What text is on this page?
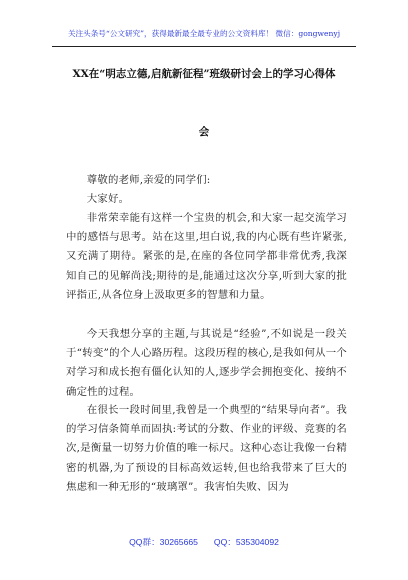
关注头条号“公文研究”，获得最新最全最专业的公文资料库！ 微信：gongwenyj
XX在“明志立德,启航新征程”班级研讨会上的学习心得体
会
尊敬的老师,亲爱的同学们:
大家好。
非常荣幸能有这样一个宝贵的机会,和大家一起交流学习中的感悟与思考。站在这里,坦白说,我的内心既有些许紧张,又充满了期待。紧张的是,在座的各位同学都非常优秀,我深知自己的见解尚浅;期待的是,能通过这次分享,听到大家的批评指正,从各位身上汲取更多的智慧和力量。
今天我想分享的主题,与其说是“经验”,不如说是一段关于“转变”的个人心路历程。这段历程的核心,是我如何从一个对学习和成长抱有僵化认知的人,逐步学会拥抱变化、接纳不确定性的过程。
在很长一段时间里,我曾是一个典型的“结果导向者”。我的学习信条简单而固执:考试的分数、作业的评级、竞赛的名次,是衡量一切努力价值的唯一标尺。这种心态让我像一台精密的机器,为了预设的目标高效运转,但也给我带来了巨大的焦虑和一种无形的“玻璃罩”。我害怕失败、因为
QQ群：30265665 QQ：535304092
